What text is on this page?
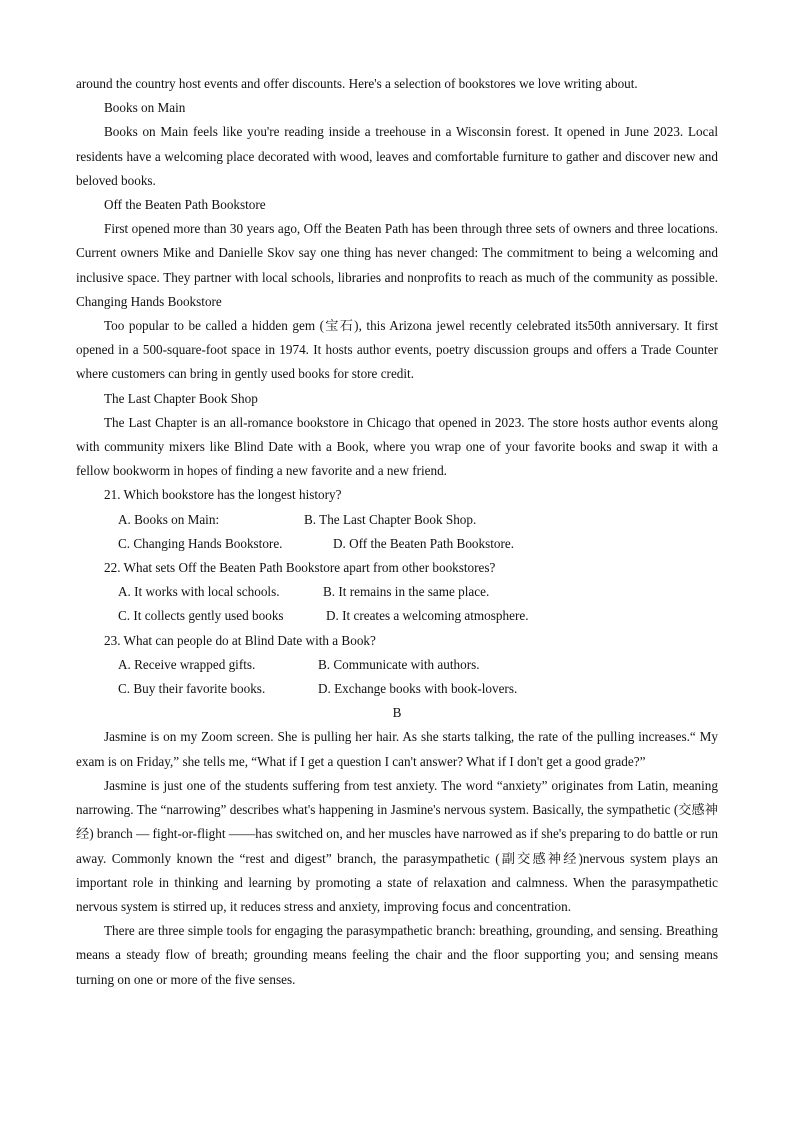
around the country host events and offer discounts. Here's a selection of bookstores we love writing about.

Books on Main

Books on Main feels like you're reading inside a treehouse in a Wisconsin forest. It opened in June 2023. Local residents have a welcoming place decorated with wood, leaves and comfortable furniture to gather and discover new and beloved books.

Off the Beaten Path Bookstore

First opened more than 30 years ago, Off the Beaten Path has been through three sets of owners and three locations. Current owners Mike and Danielle Skov say one thing has never changed: The commitment to being a welcoming and inclusive space. They partner with local schools, libraries and nonprofits to reach as much of the community as possible. Changing Hands Bookstore

Too popular to be called a hidden gem (宝石), this Arizona jewel recently celebrated its50th anniversary. It first opened in a 500-square-foot space in 1974. It hosts author events, poetry discussion groups and offers a Trade Counter where customers can bring in gently used books for store credit.

The Last Chapter Book Shop

The Last Chapter is an all-romance bookstore in Chicago that opened in 2023. The store hosts author events along with community mixers like Blind Date with a Book, where you wrap one of your favorite books and swap it with a fellow bookworm in hopes of finding a new favorite and a new friend.

21. Which bookstore has the longest history?

A. Books on Main:	B. The Last Chapter Book Shop.
C. Changing Hands Bookstore.	D. Off the Beaten Path Bookstore.

22. What sets Off the Beaten Path Bookstore apart from other bookstores?

A. It works with local schools.	B. It remains in the same place.
C. It collects gently used books	D. It creates a welcoming atmosphere.

23. What can people do at Blind Date with a Book?

A. Receive wrapped gifts.	B. Communicate with authors.
C. Buy their favorite books.	D. Exchange books with book-lovers.

B

Jasmine is on my Zoom screen. She is pulling her hair. As she starts talking, the rate of the pulling increases.“ My exam is on Friday,” she tells me, “What if I get a question I can't answer? What if I don't get a good grade?”

Jasmine is just one of the students suffering from test anxiety. The word “anxiety” originates from Latin, meaning narrowing. The “narrowing” describes what's happening in Jasmine's nervous system. Basically, the sympathetic (交感神经) branch — fight-or-flight ——has switched on, and her muscles have narrowed as if she's preparing to do battle or run away. Commonly known the “rest and digest” branch, the parasympathetic (副交感神经)nervous system plays an important role in thinking and learning by promoting a state of relaxation and calmness. When the parasympathetic nervous system is stirred up, it reduces stress and anxiety, improving focus and concentration.

There are three simple tools for engaging the parasympathetic branch: breathing, grounding, and sensing. Breathing means a steady flow of breath; grounding means feeling the chair and the floor supporting you; and sensing means turning on one or more of the five senses.
